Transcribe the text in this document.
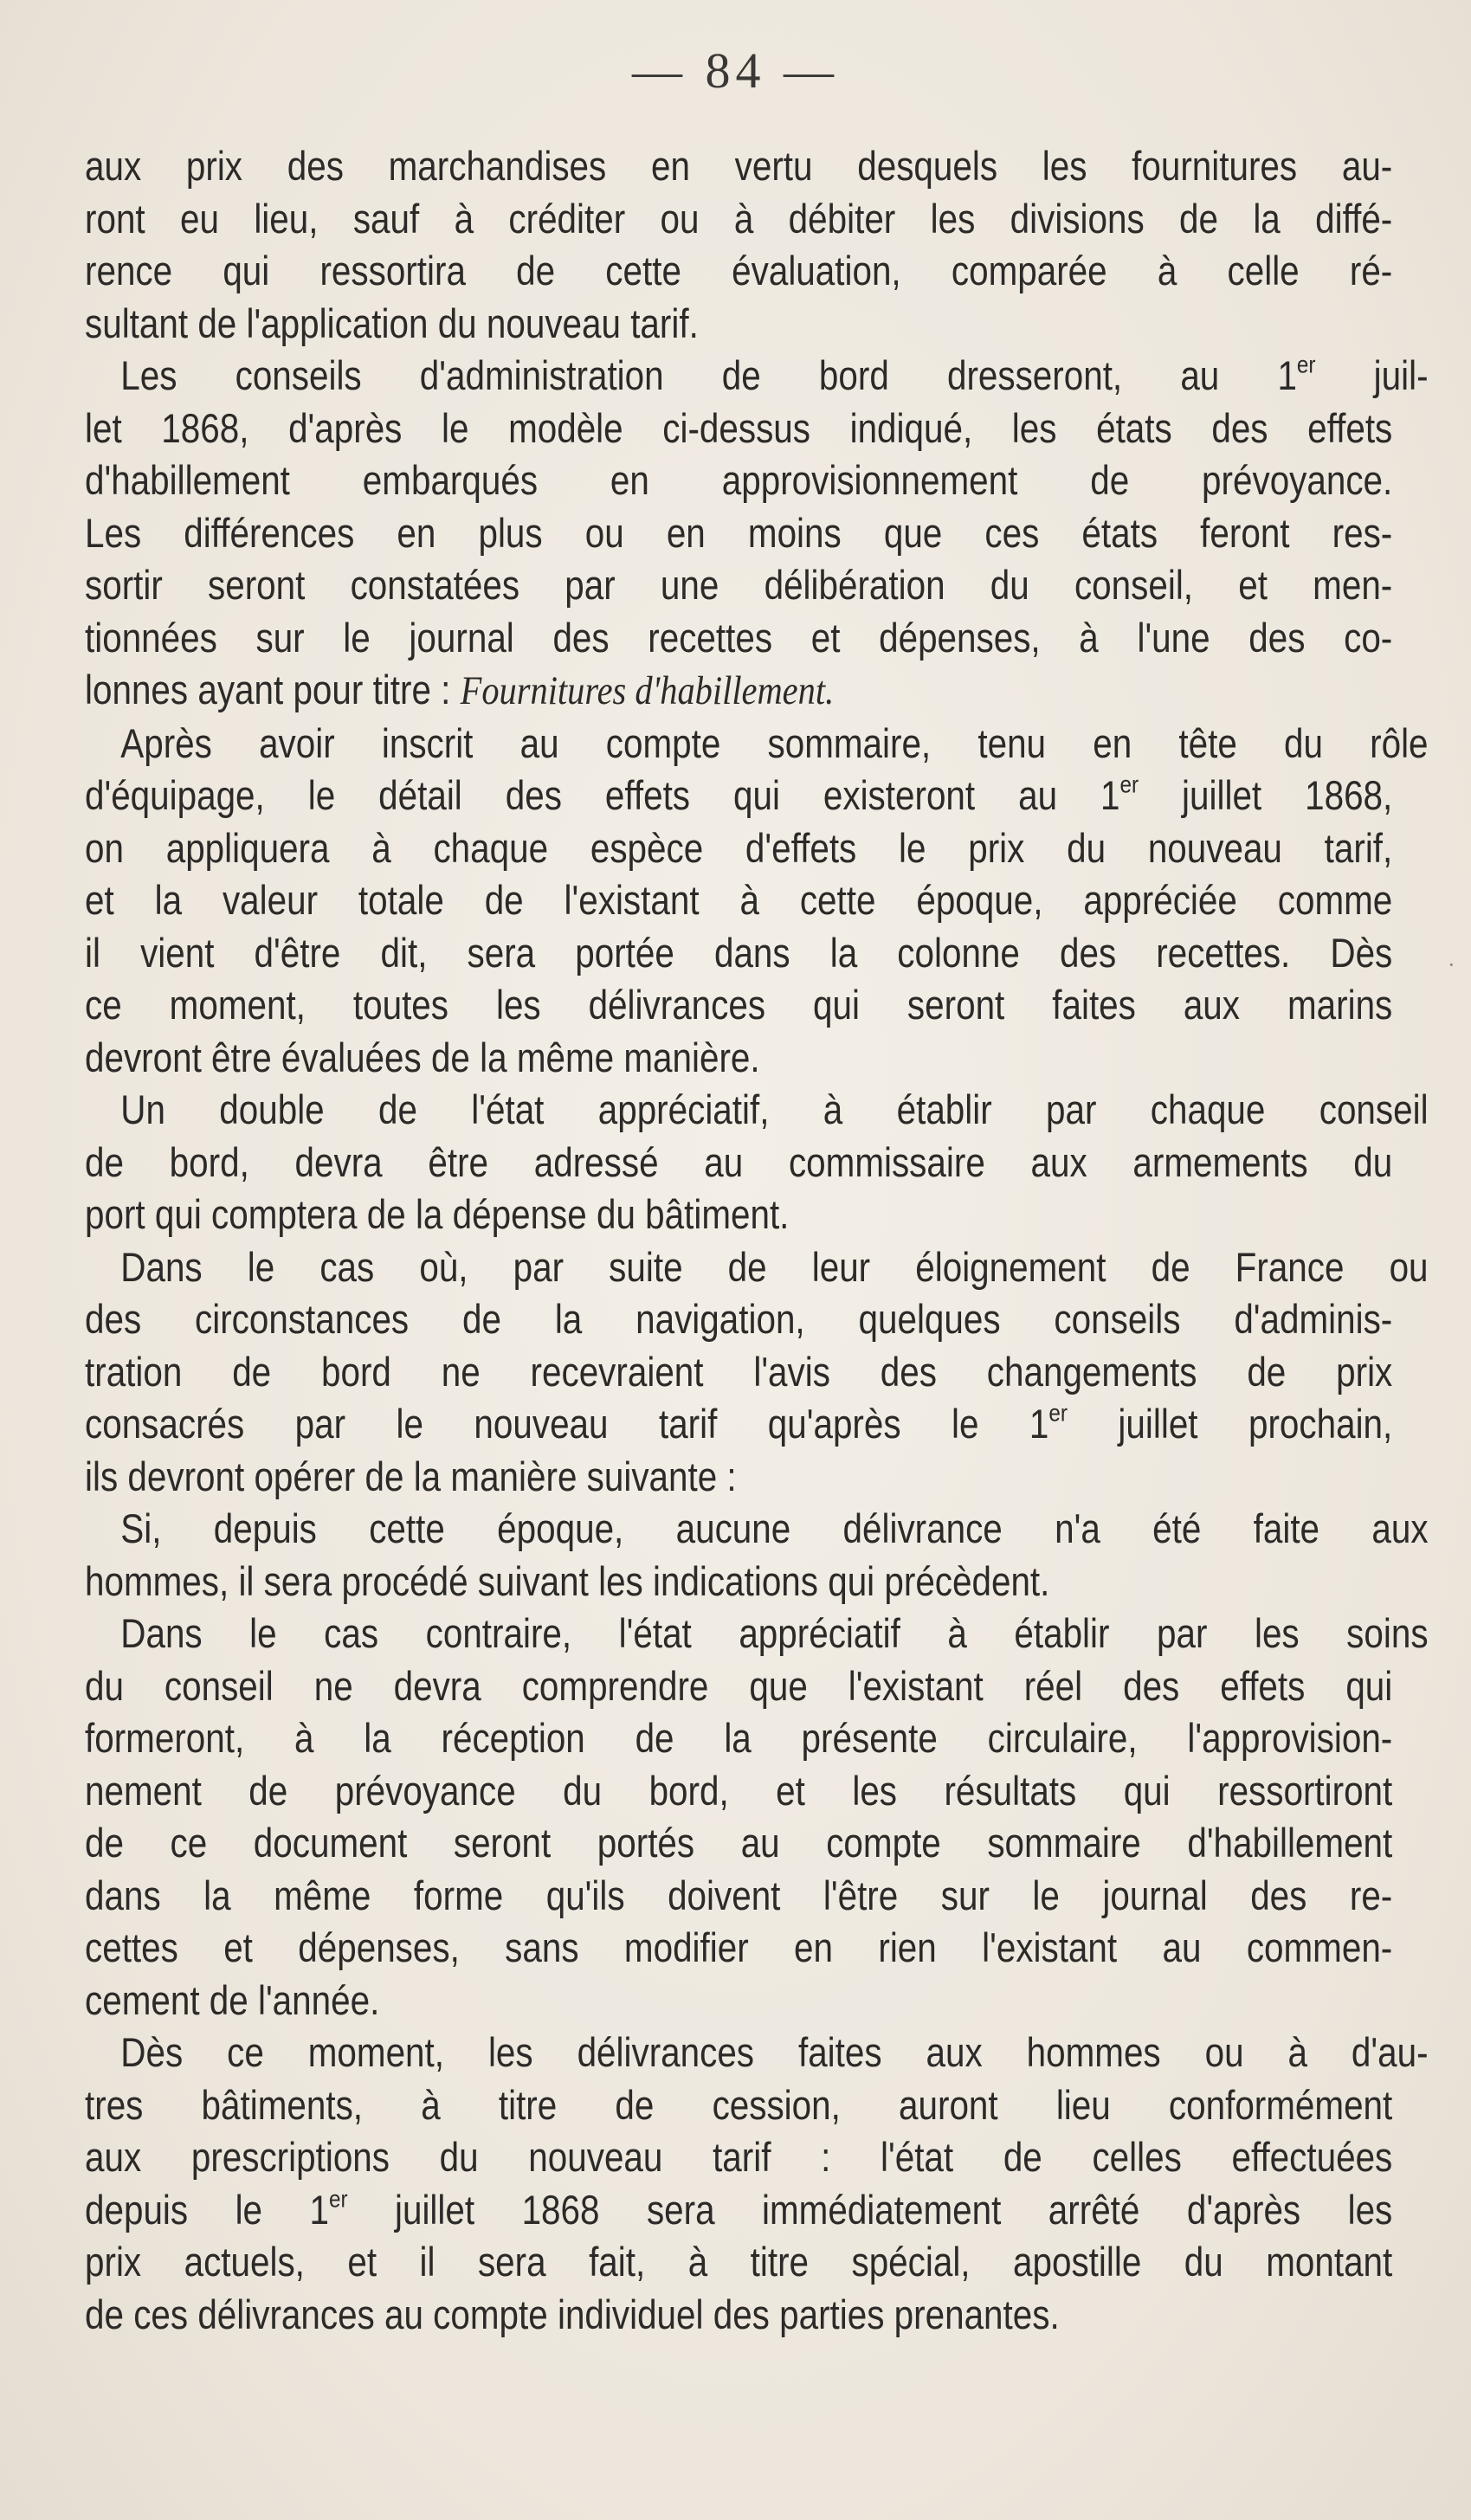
— 84 —
aux prix des marchandises en vertu desquels les fournitures au-
ront eu lieu, sauf à créditer ou à débiter les divisions de la diffé-
rence qui ressortira de cette évaluation, comparée à celle ré-
sultant de l'application du nouveau tarif.
Les conseils d'administration de bord dresseront, au 1er juil-
let 1868, d'après le modèle ci-dessus indiqué, les états des effets
d'habillement embarqués en approvisionnement de prévoyance.
Les différences en plus ou en moins que ces états feront res-
sortir seront constatées par une délibération du conseil, et men-
tionnées sur le journal des recettes et dépenses, à l'une des co-
lonnes ayant pour titre : Fournitures d'habillement.
Après avoir inscrit au compte sommaire, tenu en tête du rôle
d'équipage, le détail des effets qui existeront au 1er juillet 1868,
on appliquera à chaque espèce d'effets le prix du nouveau tarif,
et la valeur totale de l'existant à cette époque, appréciée comme
il vient d'être dit, sera portée dans la colonne des recettes. Dès
ce moment, toutes les délivrances qui seront faites aux marins
devront être évaluées de la même manière.
Un double de l'état appréciatif, à établir par chaque conseil
de bord, devra être adressé au commissaire aux armements du
port qui comptera de la dépense du bâtiment.
Dans le cas où, par suite de leur éloignement de France ou
des circonstances de la navigation, quelques conseils d'adminis-
tration de bord ne recevraient l'avis des changements de prix
consacrés par le nouveau tarif qu'après le 1er juillet prochain,
ils devront opérer de la manière suivante :
Si, depuis cette époque, aucune délivrance n'a été faite aux
hommes, il sera procédé suivant les indications qui précèdent.
Dans le cas contraire, l'état appréciatif à établir par les soins
du conseil ne devra comprendre que l'existant réel des effets qui
formeront, à la réception de la présente circulaire, l'approvision-
nement de prévoyance du bord, et les résultats qui ressortiront
de ce document seront portés au compte sommaire d'habillement
dans la même forme qu'ils doivent l'être sur le journal des re-
cettes et dépenses, sans modifier en rien l'existant au commen-
cement de l'année.
Dès ce moment, les délivrances faites aux hommes ou à d'au-
tres bâtiments, à titre de cession, auront lieu conformément
aux prescriptions du nouveau tarif : l'état de celles effectuées
depuis le 1er juillet 1868 sera immédiatement arrêté d'après les
prix actuels, et il sera fait, à titre spécial, apostille du montant
de ces délivrances au compte individuel des parties prenantes.
·
